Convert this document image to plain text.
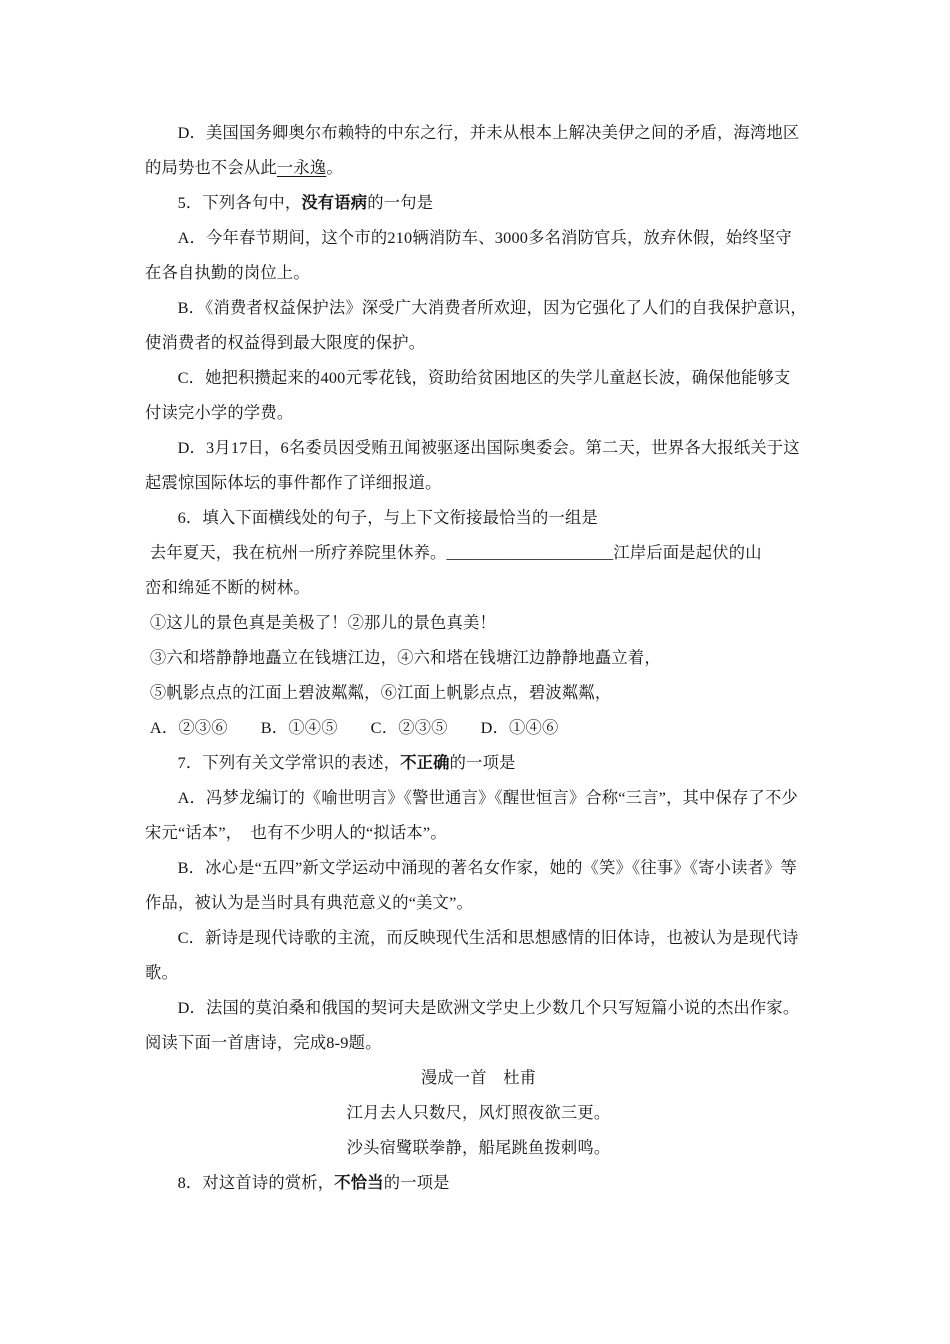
D．美国国务卿奥尔布赖特的中东之行，并未从根本上解决美伊之间的矛盾，海湾地区
的局势也不会从此一永逸。
5．下列各句中，没有语病的一句是
A．今年春节期间，这个市的210辆消防车、3000多名消防官兵，放弃休假，始终坚守
在各自执勤的岗位上。
B．《消费者权益保护法》深受广大消费者所欢迎，因为它强化了人们的自我保护意识，
使消费者的权益得到最大限度的保护。
C．她把积攒起来的400元零花钱，资助给贫困地区的失学儿童赵长波，确保他能够支
付读完小学的学费。
D．3月17日，6名委员因受贿丑闻被驱逐出国际奥委会。第二天，世界各大报纸关于这
起震惊国际体坛的事件都作了详细报道。
6．填入下面横线处的句子，与上下文衔接最恰当的一组是
去年夏天，我在杭州一所疗养院里休养。____________________江岸后面是起伏的山
峦和绵延不断的树林。
①这儿的景色真是美极了！②那儿的景色真美！
③六和塔静静地矗立在钱塘江边，④六和塔在钱塘江边静静地矗立着，
⑤帆影点点的江面上碧波粼粼，⑥江面上帆影点点，碧波粼粼，
A．②③⑥　　B．①④⑤　　C．②③⑤　　D．①④⑥
7．下列有关文学常识的表述，不正确的一项是
A．冯梦龙编订的《喻世明言》《警世通言》《醒世恒言》合称“三言”，其中保存了不少
宋元“话本”，　也有不少明人的“拟话本”。
B．冰心是“五四”新文学运动中涌现的著名女作家，她的《笑》《往事》《寄小读者》等
作品，被认为是当时具有典范意义的“美文”。
C．新诗是现代诗歌的主流，而反映现代生活和思想感情的旧体诗，也被认为是现代诗
歌。
D．法国的莫泊桑和俄国的契诃夫是欧洲文学史上少数几个只写短篇小说的杰出作家。
阅读下面一首唐诗，完成8-9题。
漫成一首　杜甫
江月去人只数尺，风灯照夜欲三更。
沙头宿鹭联拳静，船尾跳鱼拨刺鸣。
8．对这首诗的赏析，不恰当的一项是
